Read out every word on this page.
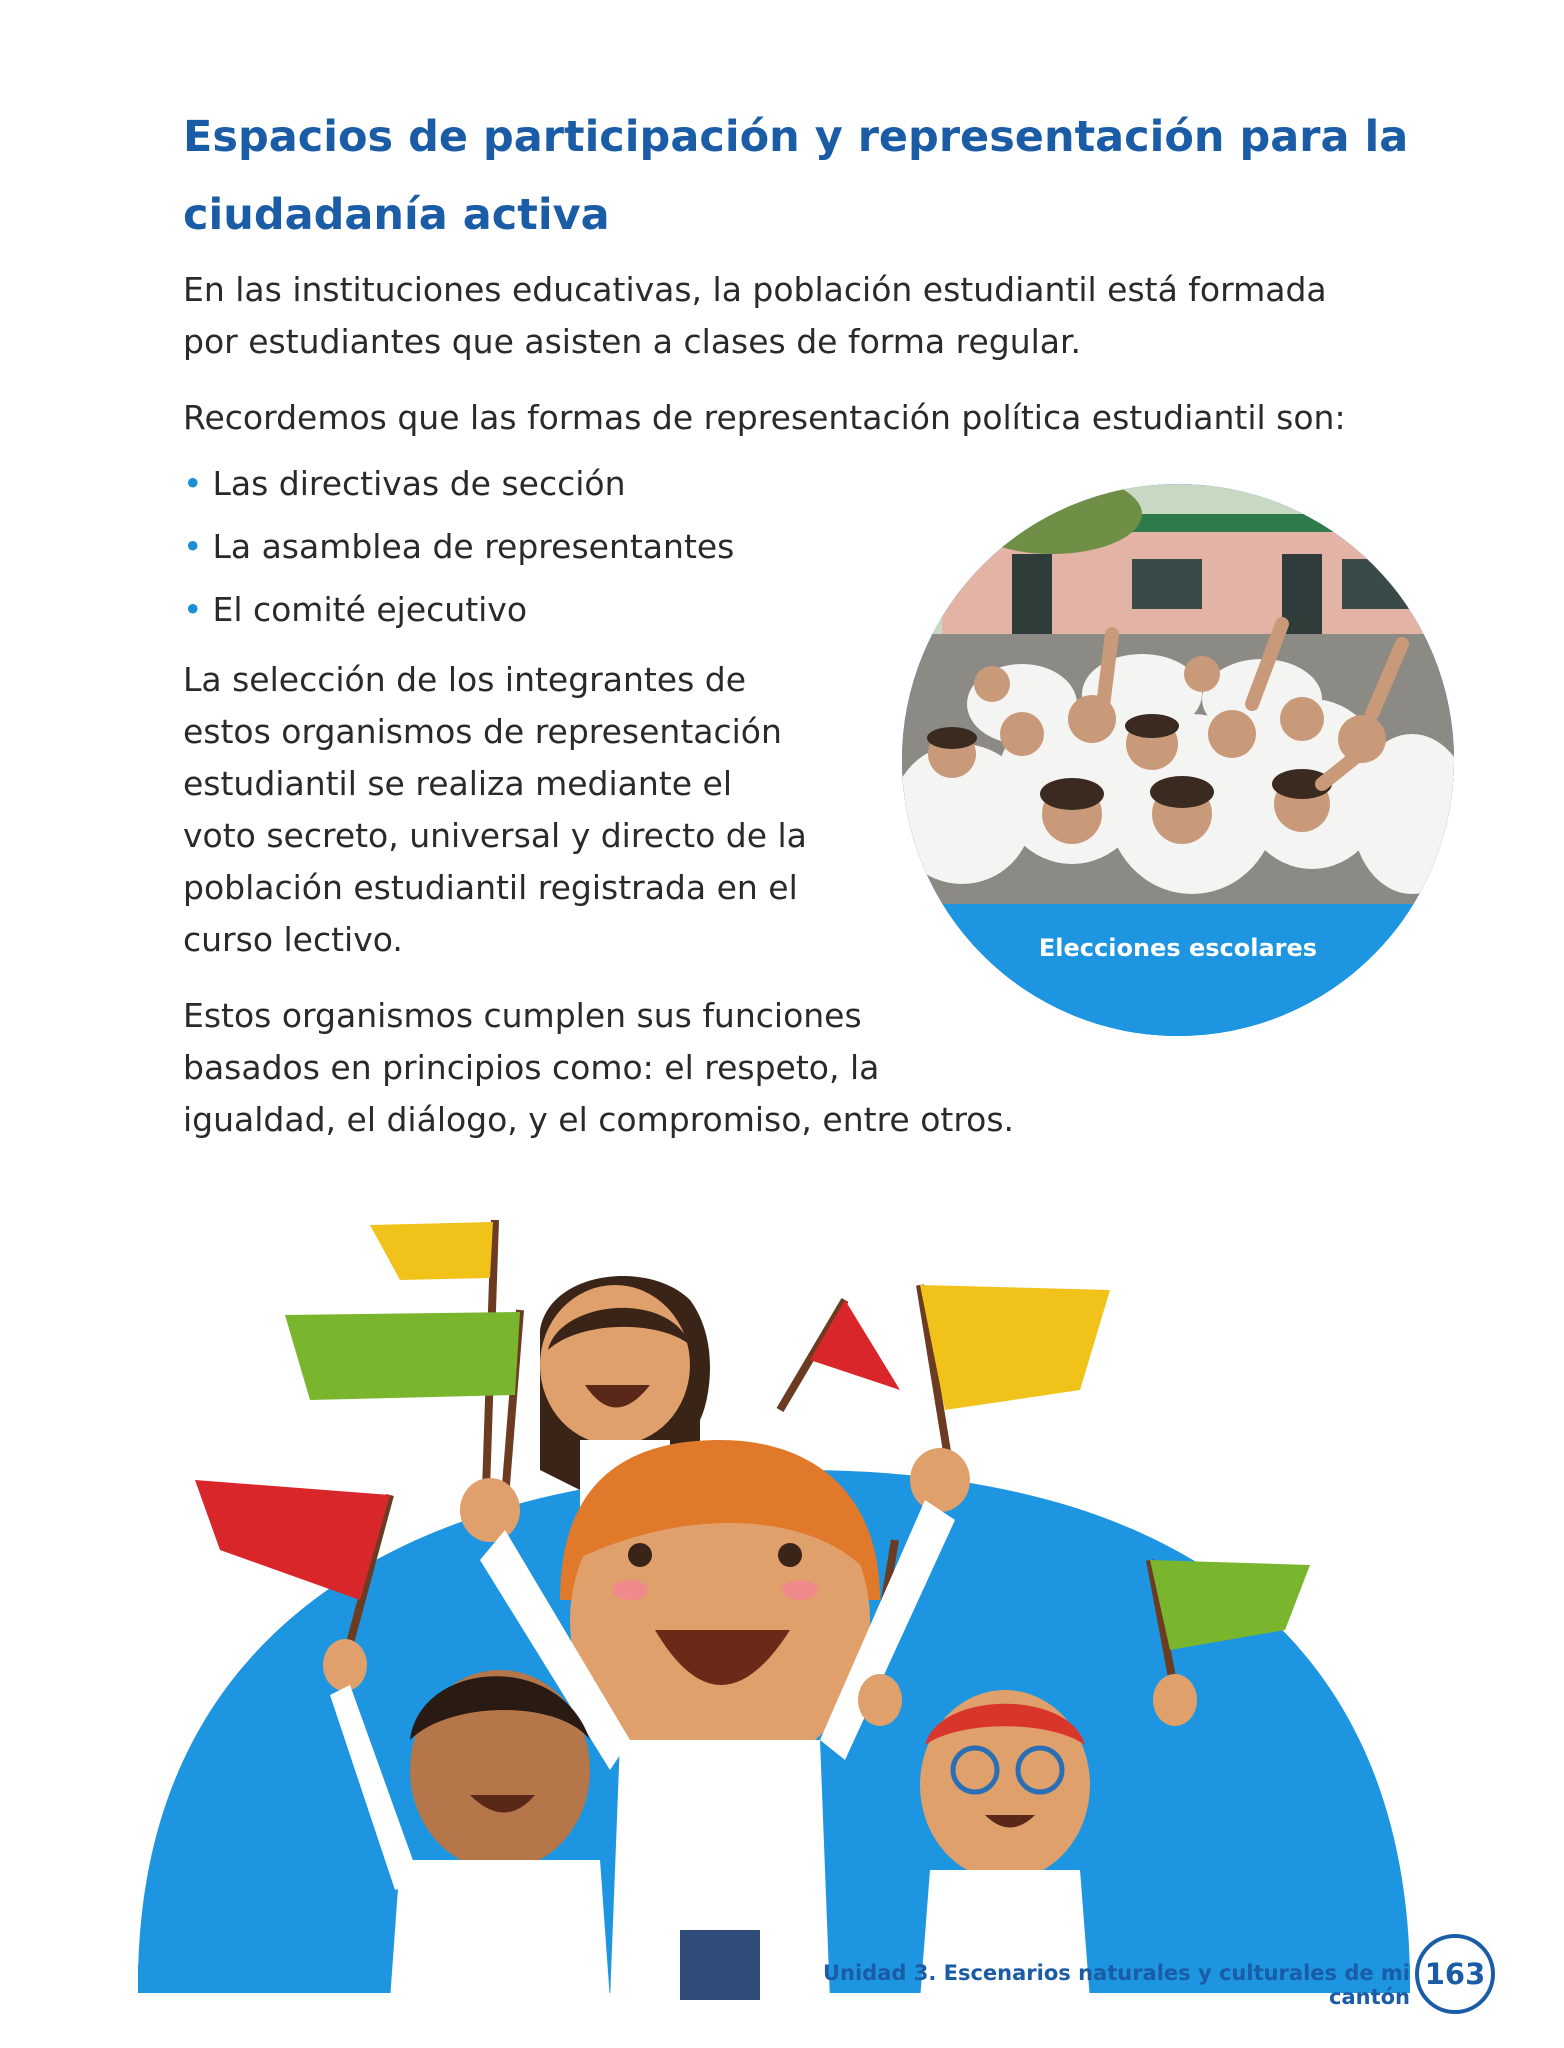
Espacios de participación y representación para la ciudadanía activa

En las instituciones educativas, la población estudiantil está formada
por estudiantes que asisten a clases de forma regular.

Recordemos que las formas de representación política estudiantil son:

• Las directivas de sección
• La asamblea de representantes
• El comité ejecutivo

La selección de los integrantes de
estos organismos de representación
estudiantil se realiza mediante el
voto secreto, universal y directo de la
población estudiantil registrada en el
curso lectivo.

Estos organismos cumplen sus funciones
basados en principios como: el respeto, la
igualdad, el diálogo, y el compromiso, entre otros.

Elecciones escolares
Unidad 3. Escenarios naturales y culturales de mi cantón
163
